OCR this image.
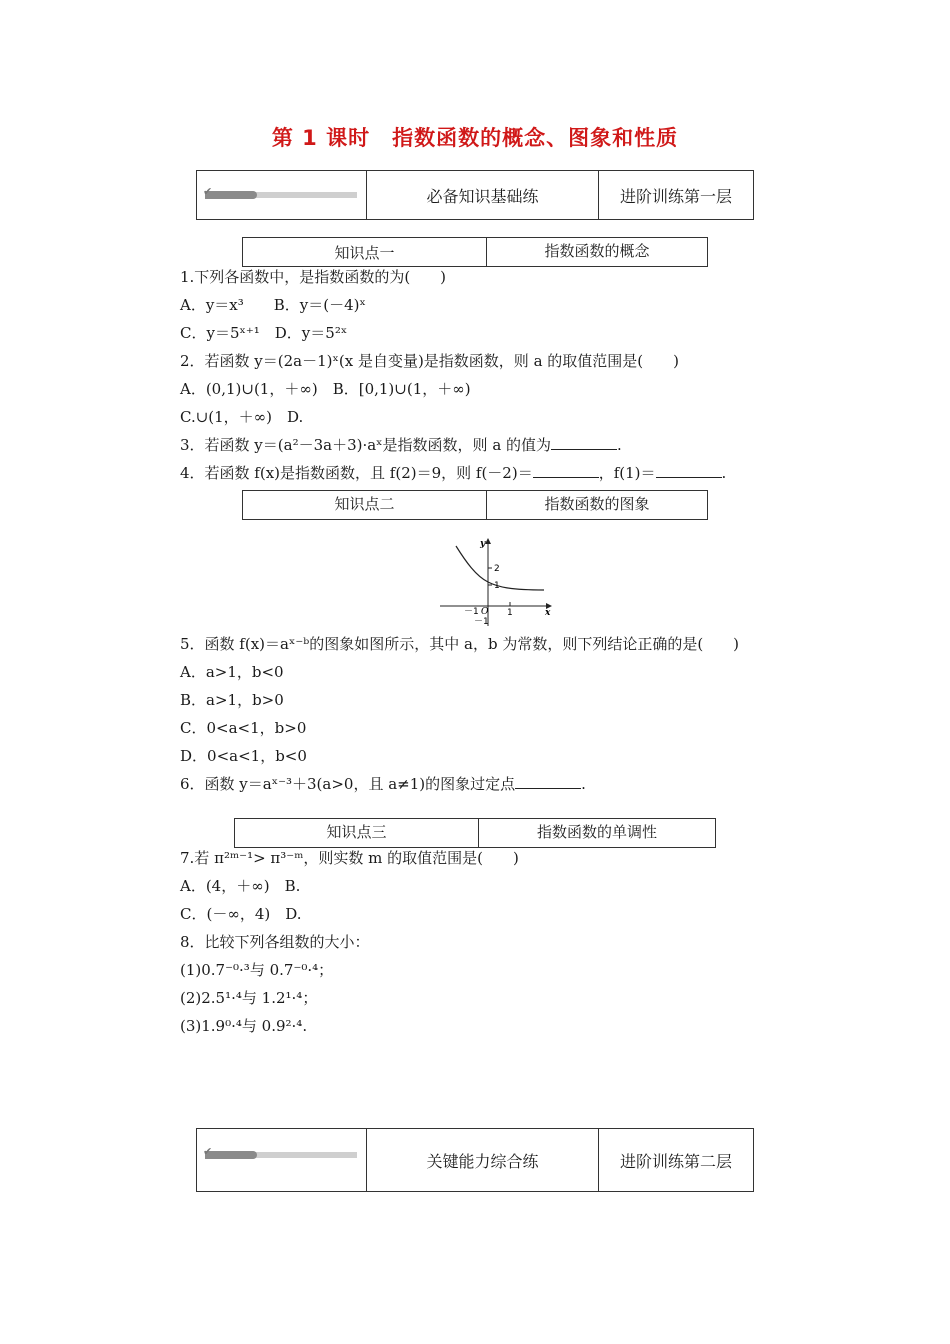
第 1 课时　指数函数的概念、图象和性质
✔	必备知识基础练	进阶训练第一层
知识点一	指数函数的概念
1.下列各函数中，是指数函数的为(　　)
A．y＝x³　　B．y＝(－4)ˣ
C．y＝5ˣ⁺¹　D．y＝5²ˣ
2．若函数 y＝(2a－1)ˣ(x 是自变量)是指数函数，则 a 的取值范围是(　　)
A．(0,1)∪(1，＋∞)　B．[0,1)∪(1，＋∞)
C.∪(1，＋∞)　D.
3．若函数 y＝(a²－3a＋3)·aˣ是指数函数，则 a 的值为	.
4．若函数 f(x)是指数函数，且 f(2)＝9，则 f(－2)＝	，f(1)＝	.
知识点二	指数函数的图象
y
x
2
1
－1 O 1
－1
5．函数 f(x)＝aˣ⁻ᵇ的图象如图所示，其中 a，b 为常数，则下列结论正确的是(　　)
A．a>1，b<0
B．a>1，b>0
C．0<a<1，b>0
D．0<a<1，b<0
6．函数 y＝aˣ⁻³＋3(a>0，且 a≠1)的图象过定点	.
知识点三	指数函数的单调性
7.若 π²ᵐ⁻¹> π³⁻ᵐ，则实数 m 的取值范围是(　　)
A．(4，＋∞)　B.
C．(－∞，4)　D.
8．比较下列各组数的大小：
(1)0.7⁻⁰·³与 0.7⁻⁰·⁴；
(2)2.5¹·⁴与 1.2¹·⁴；
(3)1.9⁰·⁴与 0.9²·⁴.
✔	关键能力综合练	进阶训练第二层
